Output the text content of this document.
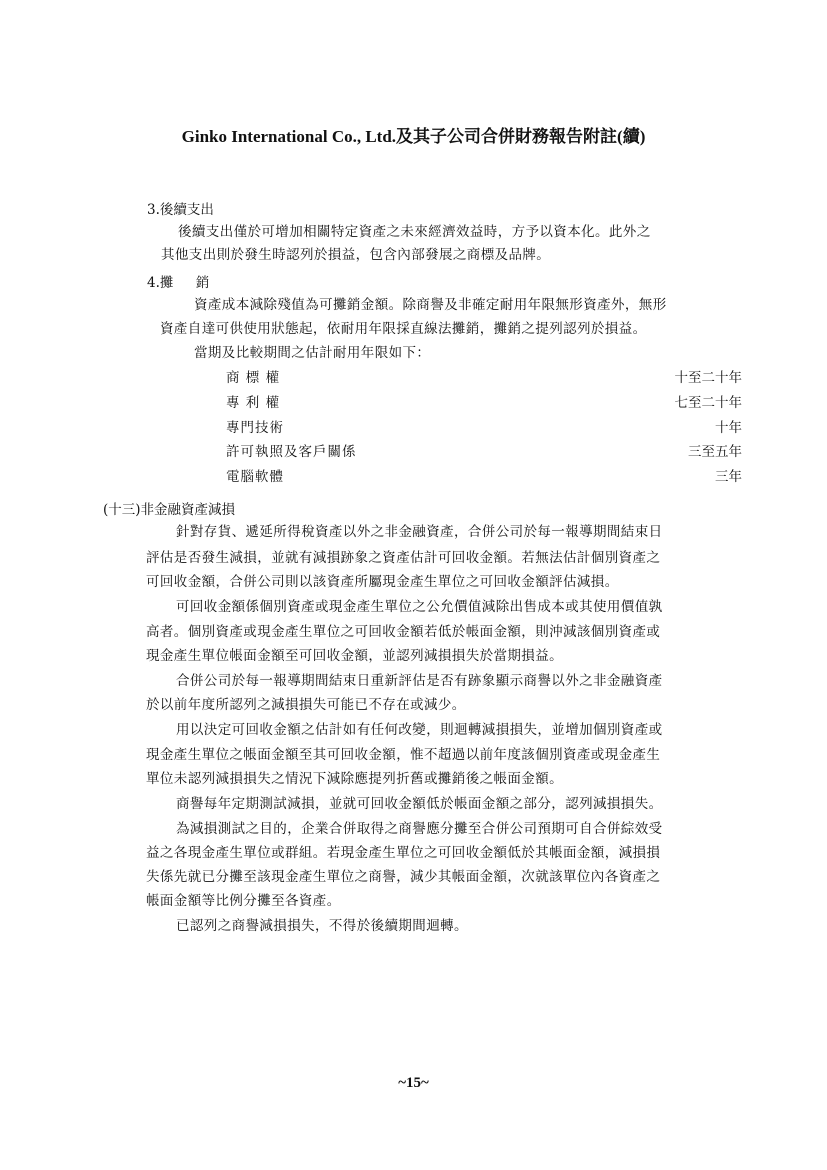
Ginko International Co., Ltd.及其子公司合併財務報告附註(續)
3.後續支出
後續支出僅於可增加相關特定資產之未來經濟效益時，方予以資本化。此外之
其他支出則於發生時認列於損益，包含內部發展之商標及品牌。
4.攤 銷
資產成本減除殘值為可攤銷金額。除商譽及非確定耐用年限無形資產外，無形
資產自達可供使用狀態起，依耐用年限採直線法攤銷，攤銷之提列認列於損益。
當期及比較期間之估計耐用年限如下：
商 標 權	十至二十年
專 利 權	七至二十年
專門技術	十年
許可執照及客戶關係	三至五年
電腦軟體	三年
(十三)非金融資產減損
針對存貨、遞延所得稅資產以外之非金融資產，合併公司於每一報導期間結束日
評估是否發生減損，並就有減損跡象之資產估計可回收金額。若無法估計個別資產之
可回收金額，合併公司則以該資產所屬現金產生單位之可回收金額評估減損。
可回收金額係個別資產或現金產生單位之公允價值減除出售成本或其使用價值孰
高者。個別資產或現金產生單位之可回收金額若低於帳面金額，則沖減該個別資產或
現金產生單位帳面金額至可回收金額，並認列減損損失於當期損益。
合併公司於每一報導期間結束日重新評估是否有跡象顯示商譽以外之非金融資產
於以前年度所認列之減損損失可能已不存在或減少。
用以決定可回收金額之估計如有任何改變，則迴轉減損損失，並增加個別資產或
現金產生單位之帳面金額至其可回收金額，惟不超過以前年度該個別資產或現金產生
單位未認列減損損失之情況下減除應提列折舊或攤銷後之帳面金額。
商譽每年定期測試減損，並就可回收金額低於帳面金額之部分，認列減損損失。
為減損測試之目的，企業合併取得之商譽應分攤至合併公司預期可自合併綜效受
益之各現金產生單位或群組。若現金產生單位之可回收金額低於其帳面金額，減損損
失係先就已分攤至該現金產生單位之商譽，減少其帳面金額，次就該單位內各資產之
帳面金額等比例分攤至各資產。
已認列之商譽減損損失，不得於後續期間迴轉。
~15~
